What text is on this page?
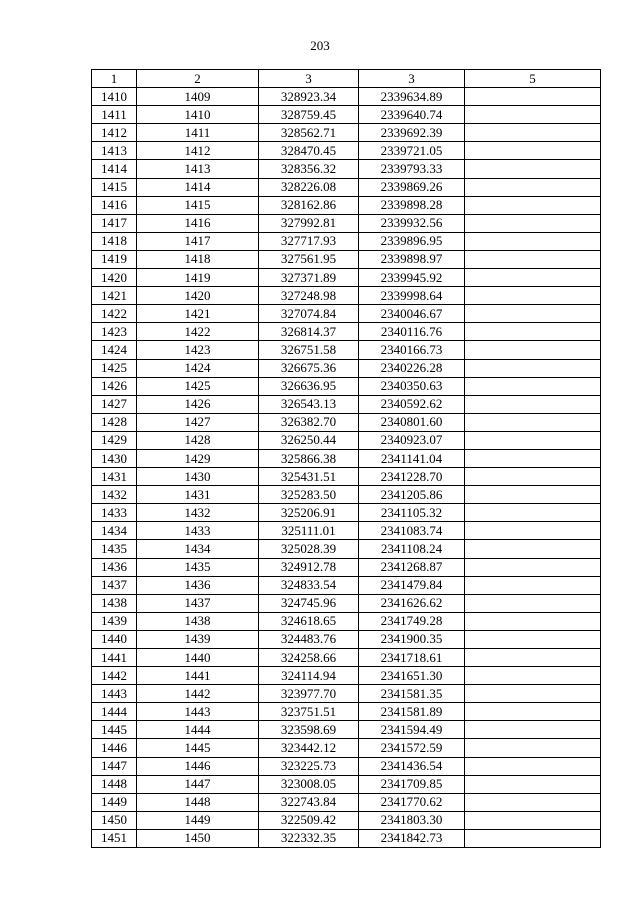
203
1	2	3	3	5
1410	1409	328923.34	2339634.89	
1411	1410	328759.45	2339640.74	
1412	1411	328562.71	2339692.39	
1413	1412	328470.45	2339721.05	
1414	1413	328356.32	2339793.33	
1415	1414	328226.08	2339869.26	
1416	1415	328162.86	2339898.28	
1417	1416	327992.81	2339932.56	
1418	1417	327717.93	2339896.95	
1419	1418	327561.95	2339898.97	
1420	1419	327371.89	2339945.92	
1421	1420	327248.98	2339998.64	
1422	1421	327074.84	2340046.67	
1423	1422	326814.37	2340116.76	
1424	1423	326751.58	2340166.73	
1425	1424	326675.36	2340226.28	
1426	1425	326636.95	2340350.63	
1427	1426	326543.13	2340592.62	
1428	1427	326382.70	2340801.60	
1429	1428	326250.44	2340923.07	
1430	1429	325866.38	2341141.04	
1431	1430	325431.51	2341228.70	
1432	1431	325283.50	2341205.86	
1433	1432	325206.91	2341105.32	
1434	1433	325111.01	2341083.74	
1435	1434	325028.39	2341108.24	
1436	1435	324912.78	2341268.87	
1437	1436	324833.54	2341479.84	
1438	1437	324745.96	2341626.62	
1439	1438	324618.65	2341749.28	
1440	1439	324483.76	2341900.35	
1441	1440	324258.66	2341718.61	
1442	1441	324114.94	2341651.30	
1443	1442	323977.70	2341581.35	
1444	1443	323751.51	2341581.89	
1445	1444	323598.69	2341594.49	
1446	1445	323442.12	2341572.59	
1447	1446	323225.73	2341436.54	
1448	1447	323008.05	2341709.85	
1449	1448	322743.84	2341770.62	
1450	1449	322509.42	2341803.30	
1451	1450	322332.35	2341842.73	
